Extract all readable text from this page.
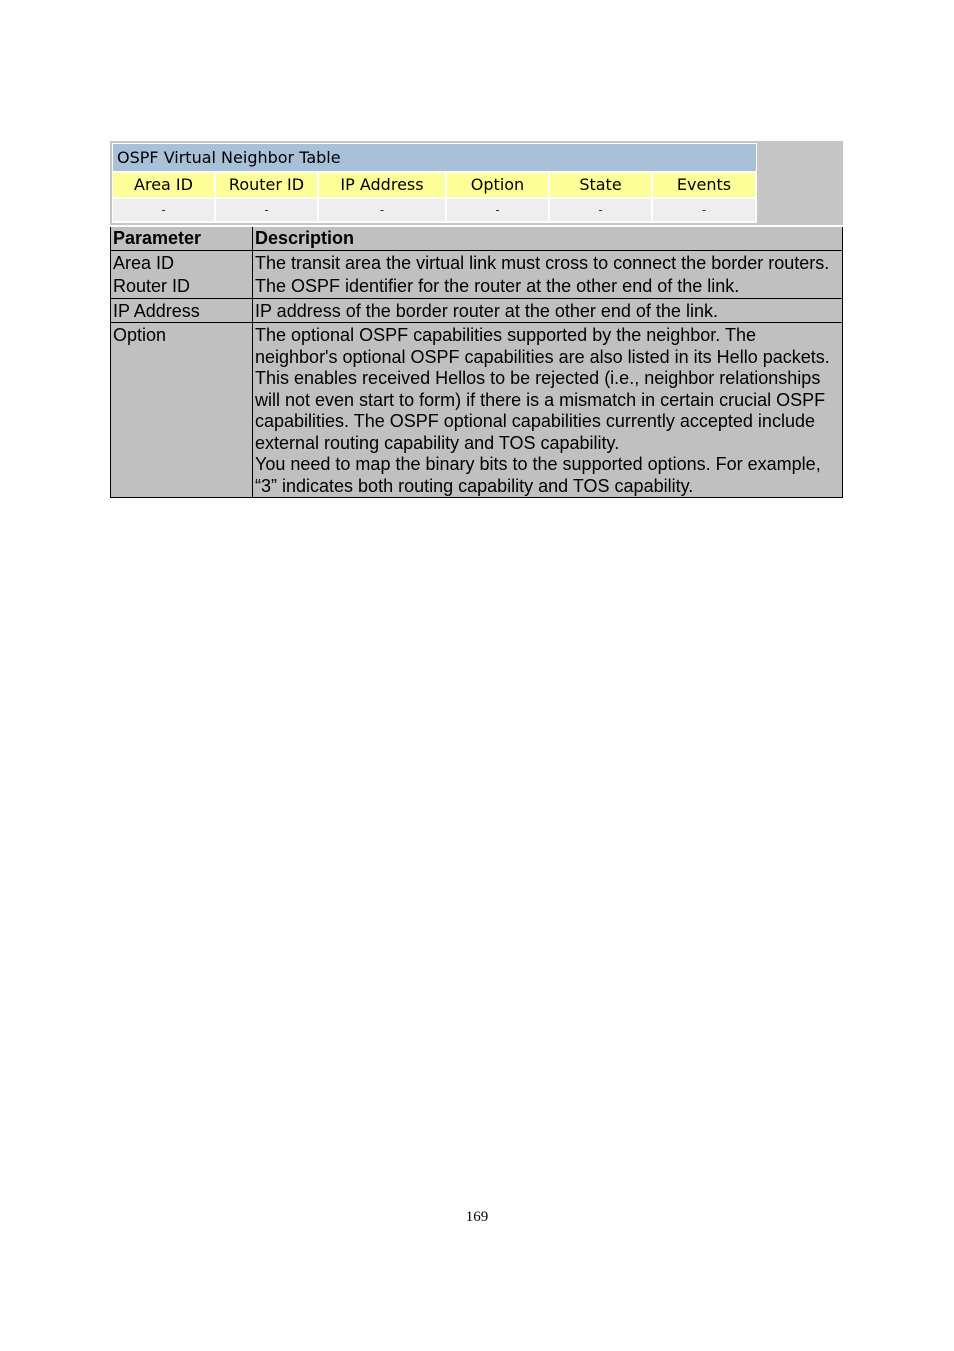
OSPF Virtual Neighbor Table
Area ID	Router ID	IP Address	Option	State	Events
-	-	-	-	-	-
Parameter	Description
Area ID	The transit area the virtual link must cross to connect the border routers.
Router ID	The OSPF identifier for the router at the other end of the link.
IP Address	IP address of the border router at the other end of the link.
Option	The optional OSPF capabilities supported by the neighbor. The neighbor's optional OSPF capabilities are also listed in its Hello packets. This enables received Hellos to be rejected (i.e., neighbor relationships will not even start to form) if there is a mismatch in certain crucial OSPF capabilities. The OSPF optional capabilities currently accepted include external routing capability and TOS capability.
You need to map the binary bits to the supported options. For example, “3” indicates both routing capability and TOS capability.
169
